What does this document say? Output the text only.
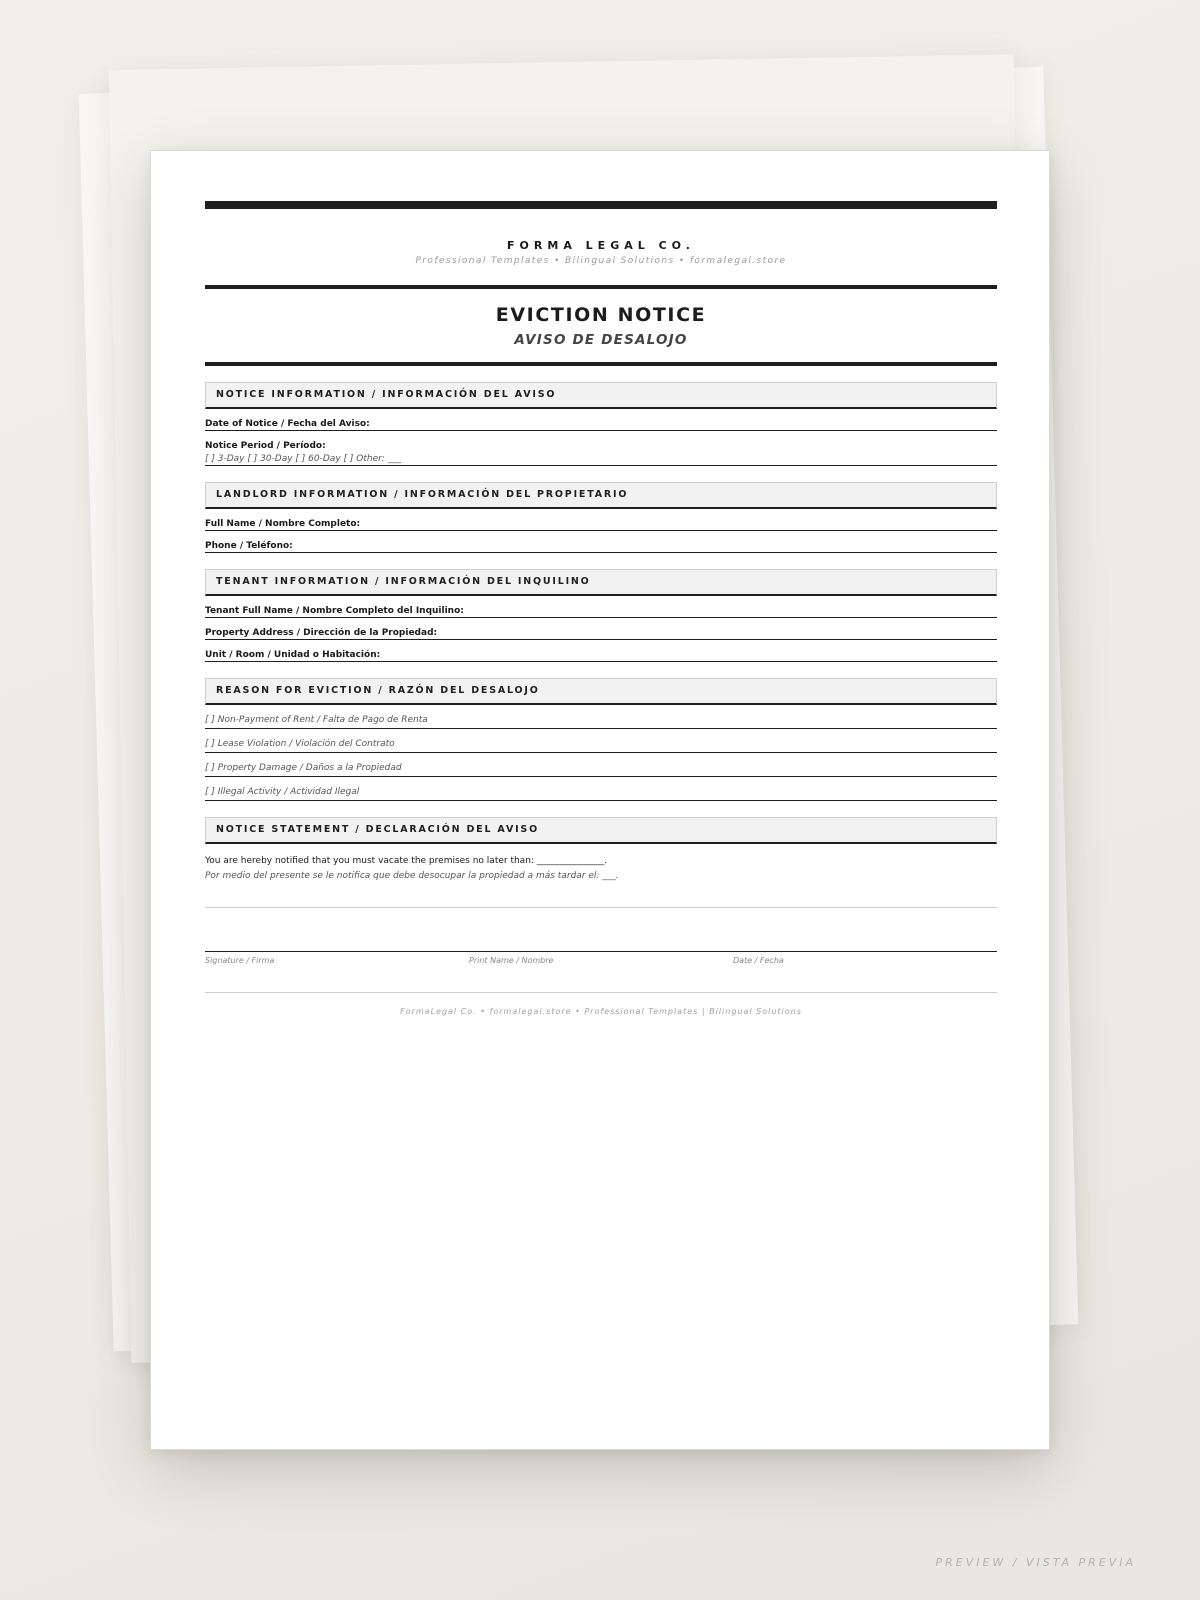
FORMA LEGAL CO.
Professional Templates • Bilingual Solutions • formalegal.store
EVICTION NOTICE
AVISO DE DESALOJO
NOTICE INFORMATION / INFORMACIÓN DEL AVISO
Date of Notice / Fecha del Aviso:
Notice Period / Período:
[ ] 3-Day [ ] 30-Day [ ] 60-Day [ ] Other: ___
LANDLORD INFORMATION / INFORMACIÓN DEL PROPIETARIO
Full Name / Nombre Completo:
Phone / Teléfono:
TENANT INFORMATION / INFORMACIÓN DEL INQUILINO
Tenant Full Name / Nombre Completo del Inquilino:
Property Address / Dirección de la Propiedad:
Unit / Room / Unidad o Habitación:
REASON FOR EVICTION / RAZÓN DEL DESALOJO
[ ] Non-Payment of Rent / Falta de Pago de Renta
[ ] Lease Violation / Violación del Contrato
[ ] Property Damage / Daños a la Propiedad
[ ] Illegal Activity / Actividad Ilegal
NOTICE STATEMENT / DECLARACIÓN DEL AVISO
You are hereby notified that you must vacate the premises no later than: _______________.
Por medio del presente se le notifica que debe desocupar la propiedad a más tardar el: ___.
Signature / Firma	Print Name / Nombre	Date / Fecha
FormaLegal Co. • formalegal.store • Professional Templates | Bilingual Solutions
PREVIEW / VISTA PREVIA
